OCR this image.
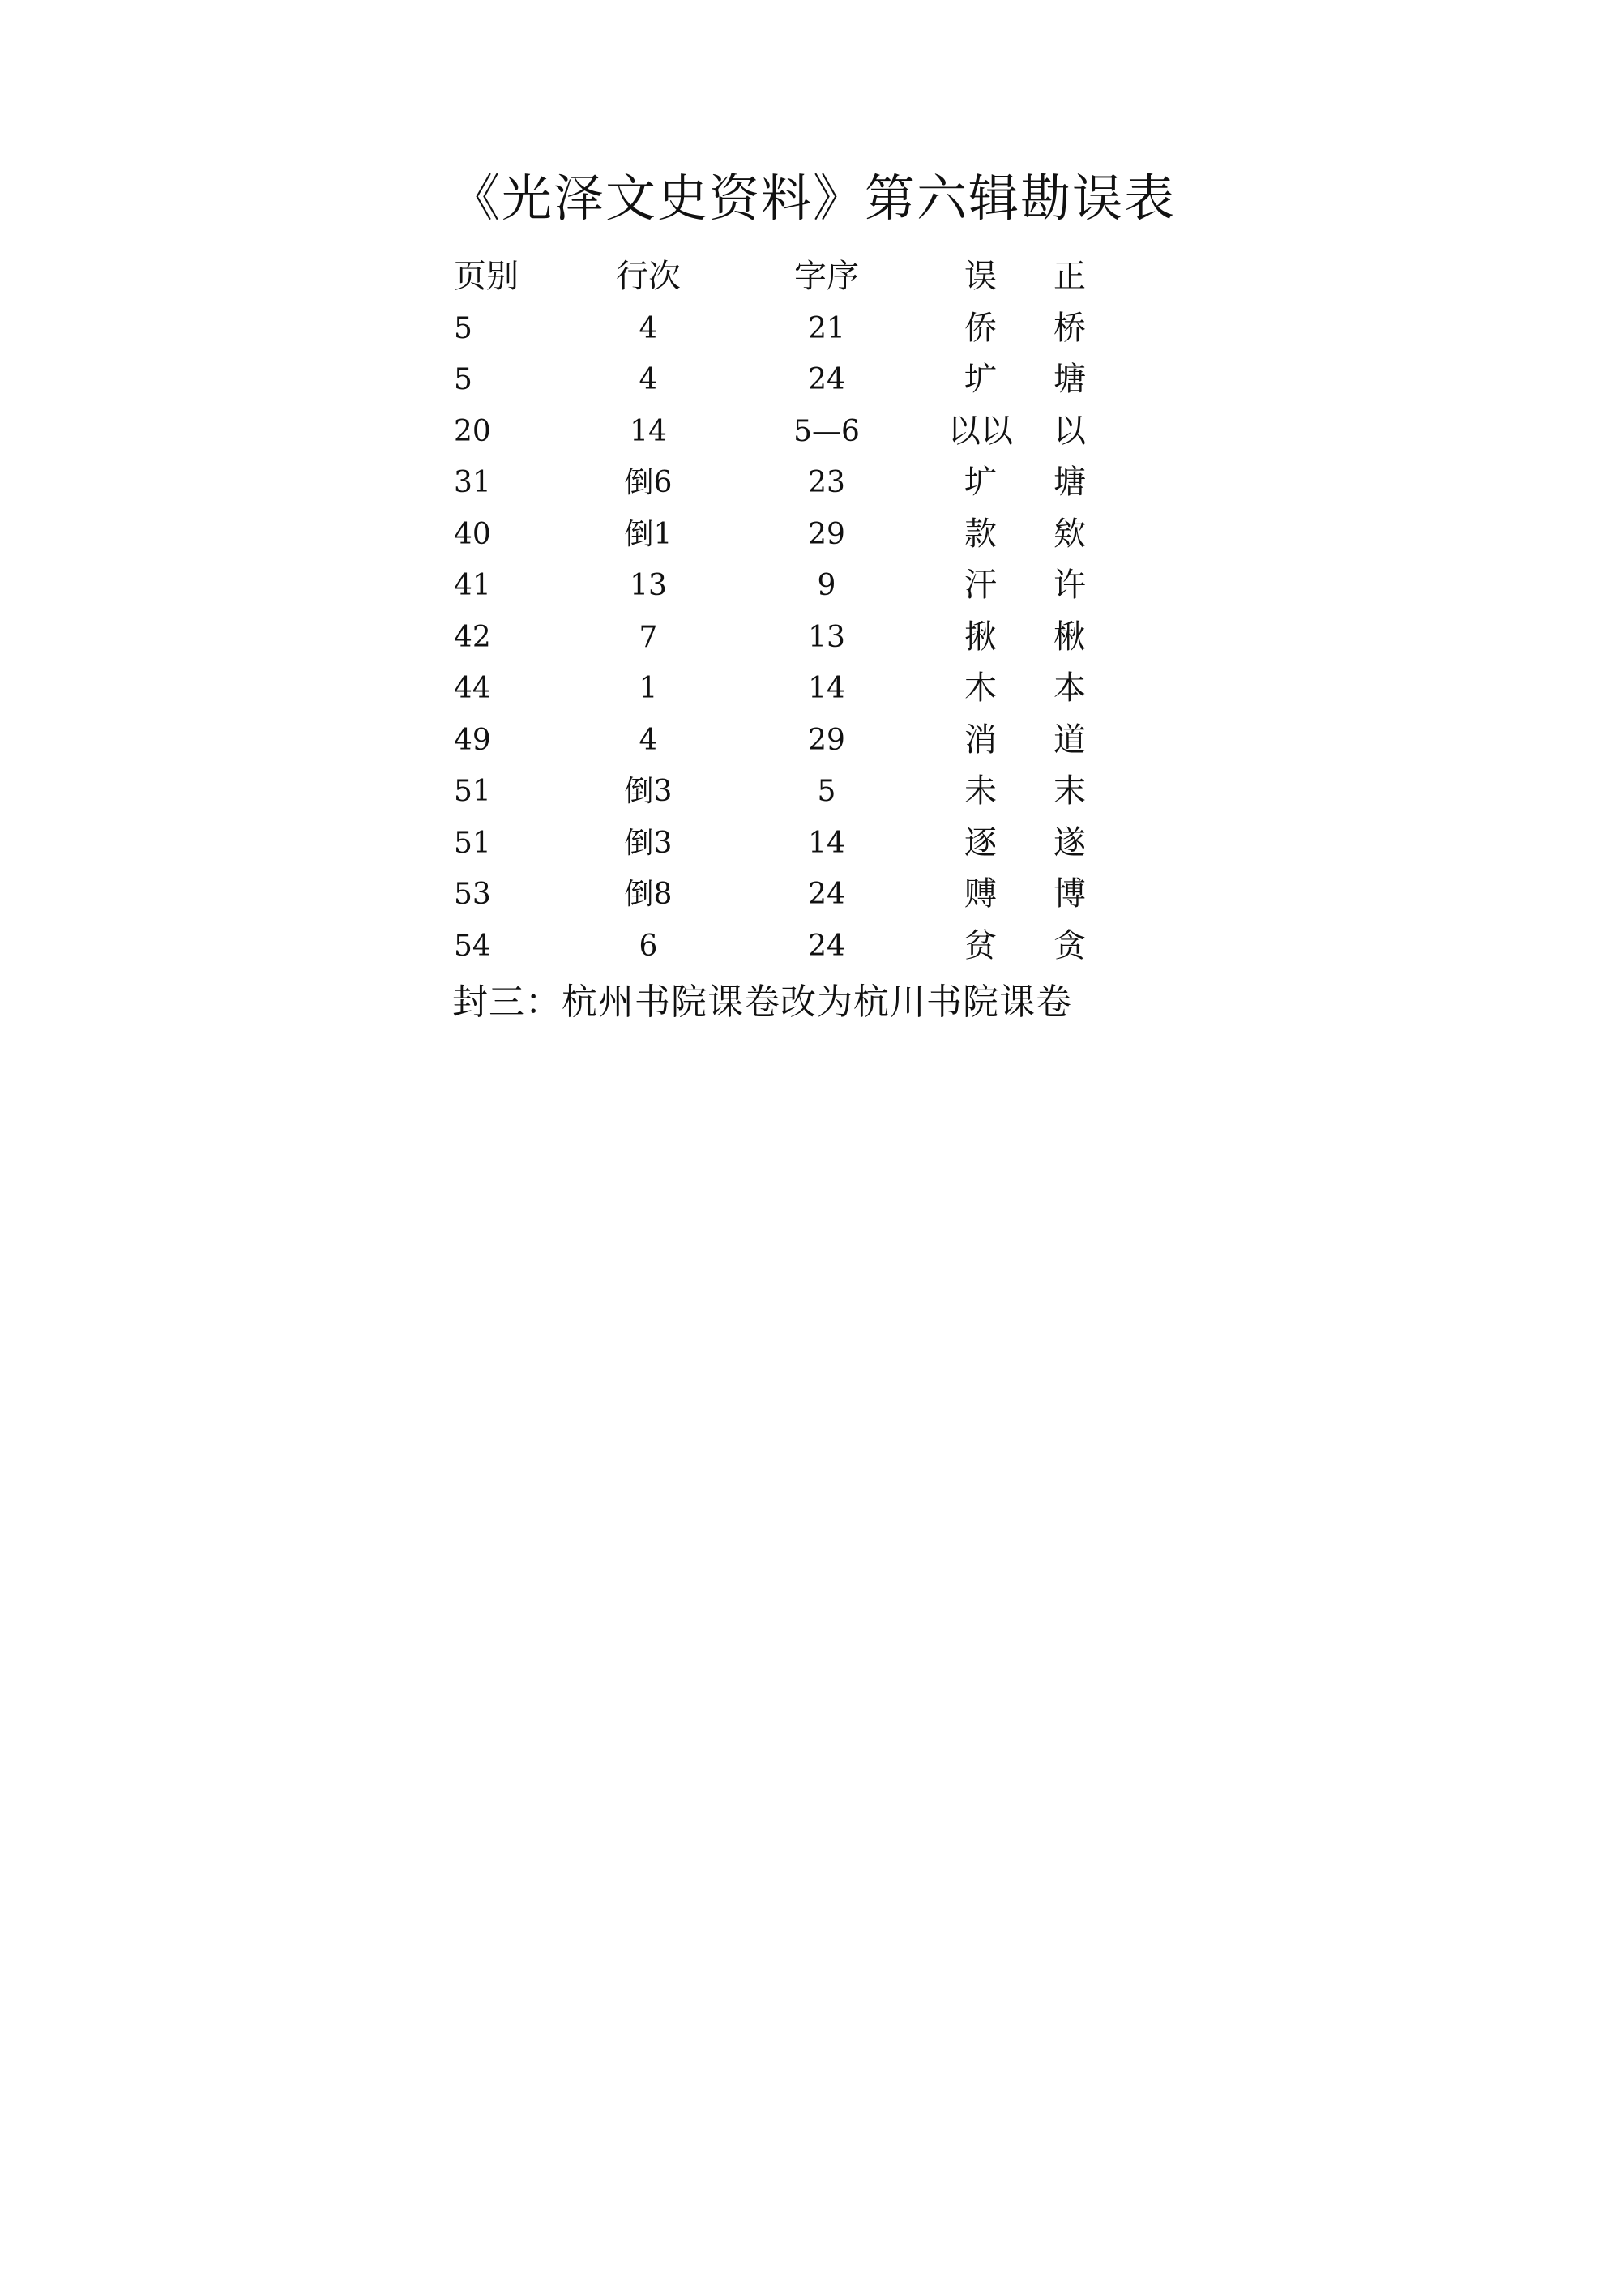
《光泽文史资料》第六辑勘误表
页别	行次	字序	误	正
5	4	21	侨	桥
5	4	24	圹	塘
20	14	5—6	以以	以
31	倒6	23	圹	塘
40	倒1	29	款	欸
41	13	9	汗	许
42	7	13	揪	楸
44	1	14	木	本
49	4	29	消	道
51	倒3	5	未	末
51	倒3	14	逐	遂
53	倒8	24	赙	博
54	6	24	贫	贪
封三：杭州书院课卷改为杭川书院课卷
